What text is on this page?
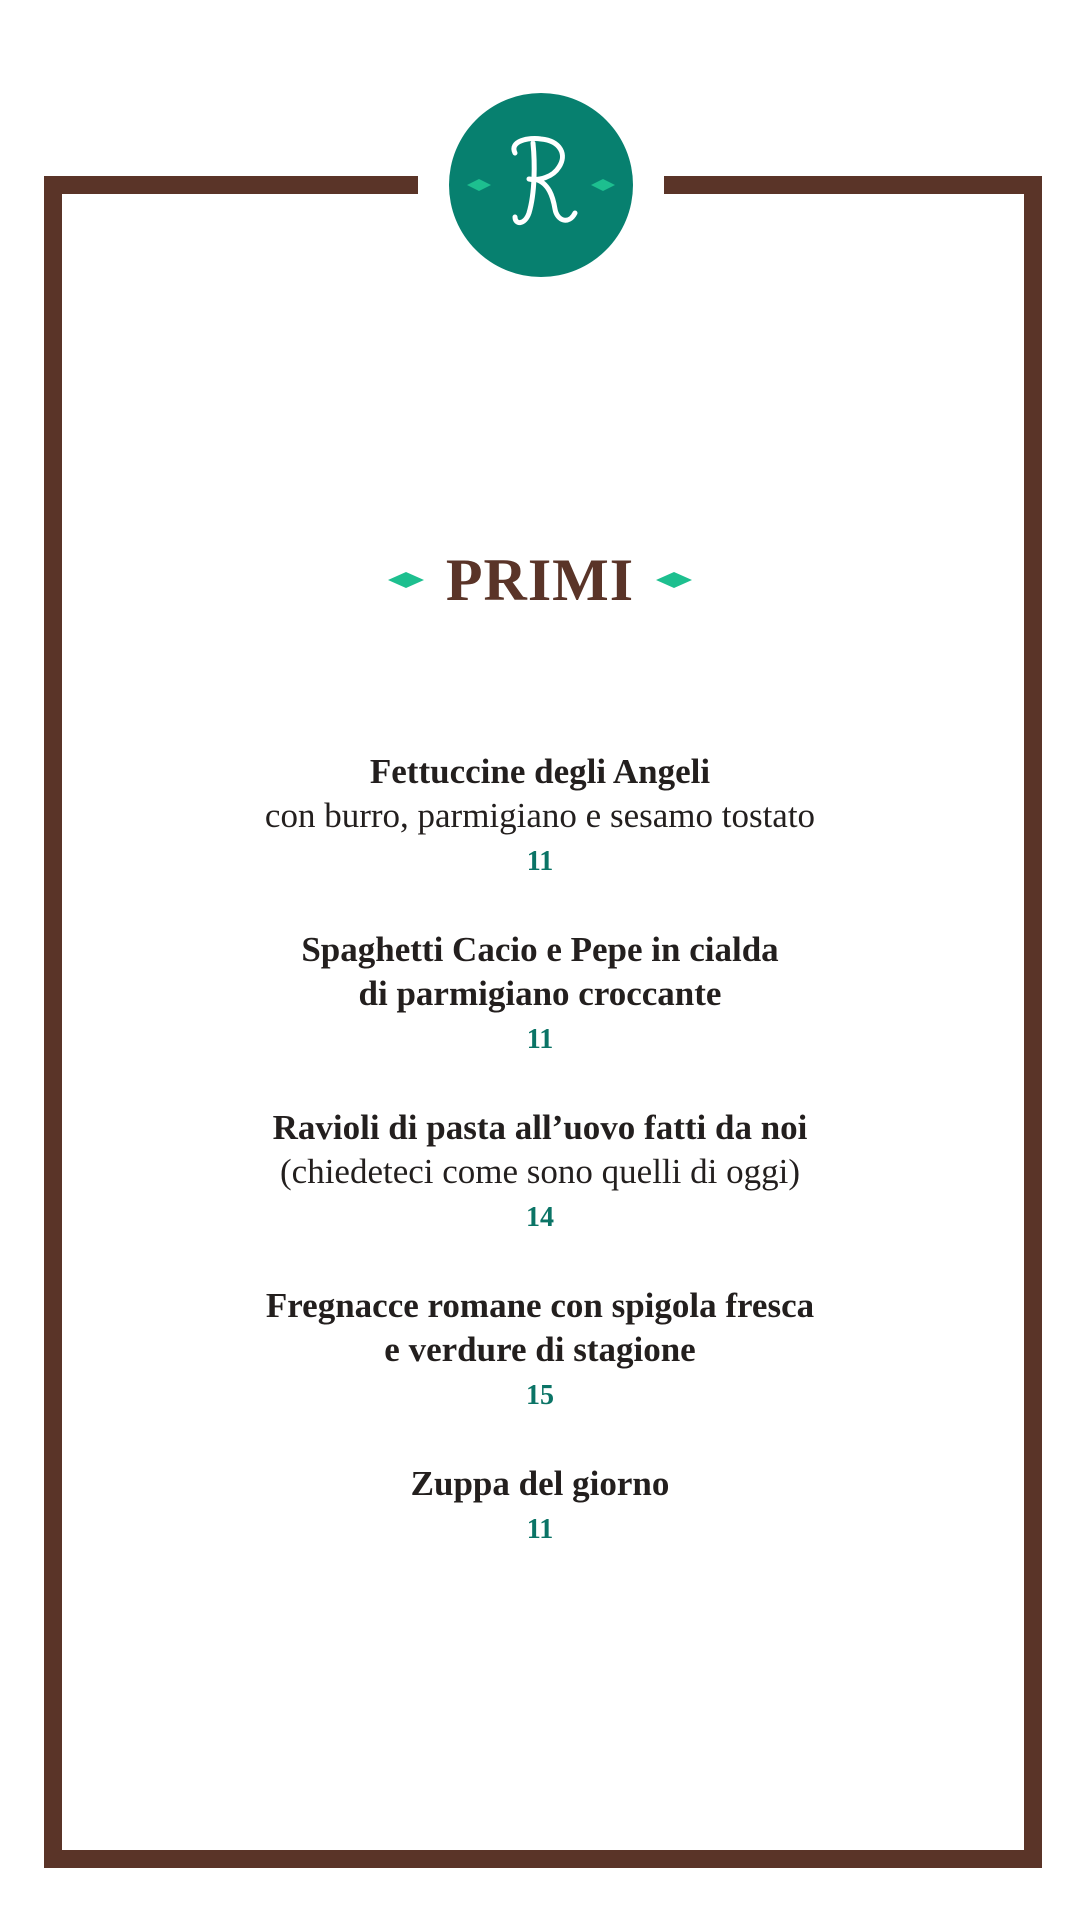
PRIMI
Fettuccine degli Angeli
con burro, parmigiano e sesamo tostato
11
Spaghetti Cacio e Pepe in cialda
di parmigiano croccante
11
Ravioli di pasta all’uovo fatti da noi
(chiedeteci come sono quelli di oggi)
14
Fregnacce romane con spigola fresca
e verdure di stagione
15
Zuppa del giorno
11
